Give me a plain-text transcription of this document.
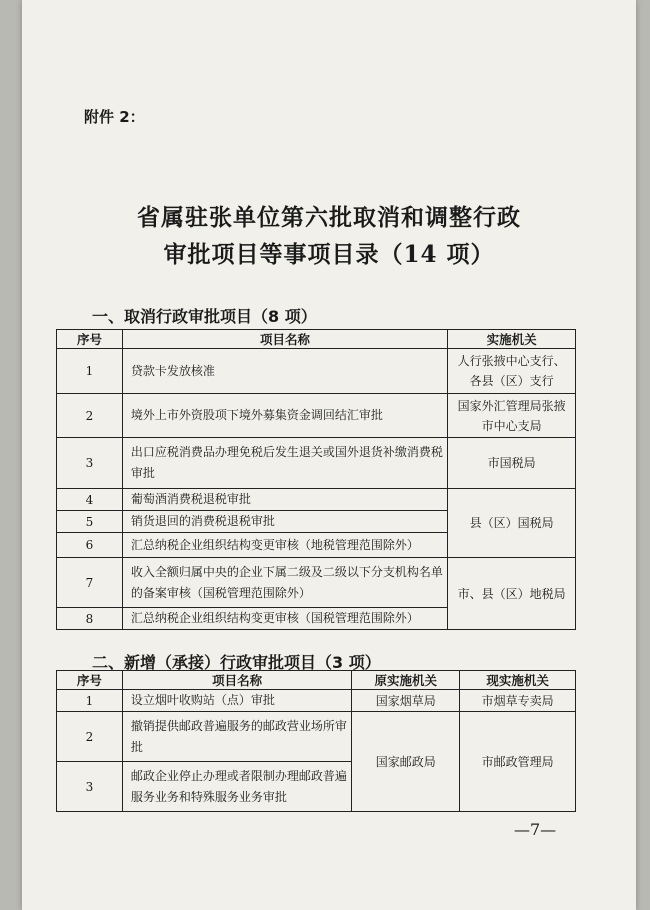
附件 2：
省属驻张单位第六批取消和调整行政
审批项目等事项目录（14 项）
一、取消行政审批项目（8 项）
序号	项目名称	实施机关
1	贷款卡发放核准	人行张掖中心支行、各县（区）支行
2	境外上市外资股项下境外募集资金调回结汇审批	国家外汇管理局张掖市中心支局
3	出口应税消费品办理免税后发生退关或国外退货补缴消费税审批	市国税局
4	葡萄酒消费税退税审批	县（区）国税局
5	销货退回的消费税退税审批	
6	汇总纳税企业组织结构变更审核（地税管理范围除外）	
7	收入全额归属中央的企业下属二级及二级以下分支机构名单的备案审核（国税管理范围除外）	市、县（区）地税局
8	汇总纳税企业组织结构变更审核（国税管理范围除外）	
二、新增（承接）行政审批项目（3 项）
序号	项目名称	原实施机关	现实施机关
1	设立烟叶收购站（点）审批	国家烟草局	市烟草专卖局
2	撤销提供邮政普遍服务的邮政营业场所审批	国家邮政局	市邮政管理局
3	邮政企业停止办理或者限制办理邮政普遍服务业务和特殊服务业务审批		
—7—
